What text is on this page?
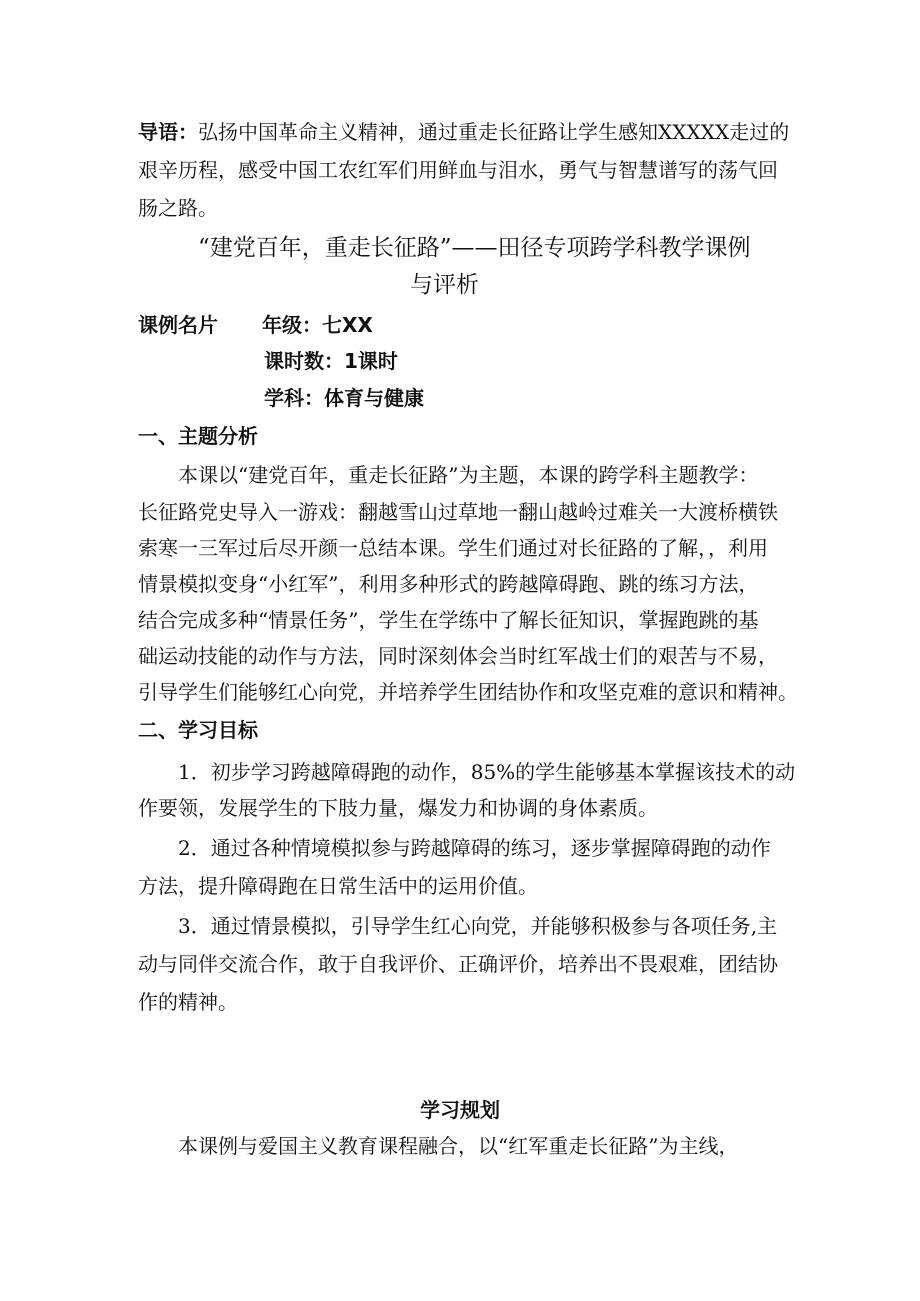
导语：弘扬中国革命主义精神，通过重走长征路让学生感知XXXXX走过的
艰辛历程，感受中国工农红军们用鲜血与泪水，勇气与智慧谱写的荡气回
肠之路。
“建党百年，重走长征路”——田径专项跨学科教学课例
与评析
课例名片 年级：七XX
课时数：1课时
学科：体育与健康
一、主题分析
本课以“建党百年，重走长征路”为主题，本课的跨学科主题教学：
长征路党史导入一游戏：翻越雪山过草地一翻山越岭过难关一大渡桥横铁
索寒一三军过后尽开颜一总结本课。学生们通过对长征路的了解，，利用
情景模拟变身“小红军”，利用多种形式的跨越障碍跑、跳的练习方法，
结合完成多种“情景任务”，学生在学练中了解长征知识，掌握跑跳的基
础运动技能的动作与方法，同时深刻体会当时红军战士们的艰苦与不易，
引导学生们能够红心向党，并培养学生团结协作和攻坚克难的意识和精神。
二、学习目标
1．初步学习跨越障碍跑的动作，85%的学生能够基本掌握该技术的动
作要领，发展学生的下肢力量，爆发力和协调的身体素质。
2．通过各种情境模拟参与跨越障碍的练习，逐步掌握障碍跑的动作
方法，提升障碍跑在日常生活中的运用价值。
3．通过情景模拟，引导学生红心向党，并能够积极参与各项任务,主
动与同伴交流合作，敢于自我评价、正确评价，培养出不畏艰难，团结协
作的精神。
学习规划
本课例与爱国主义教育课程融合，以“红军重走长征路”为主线，
